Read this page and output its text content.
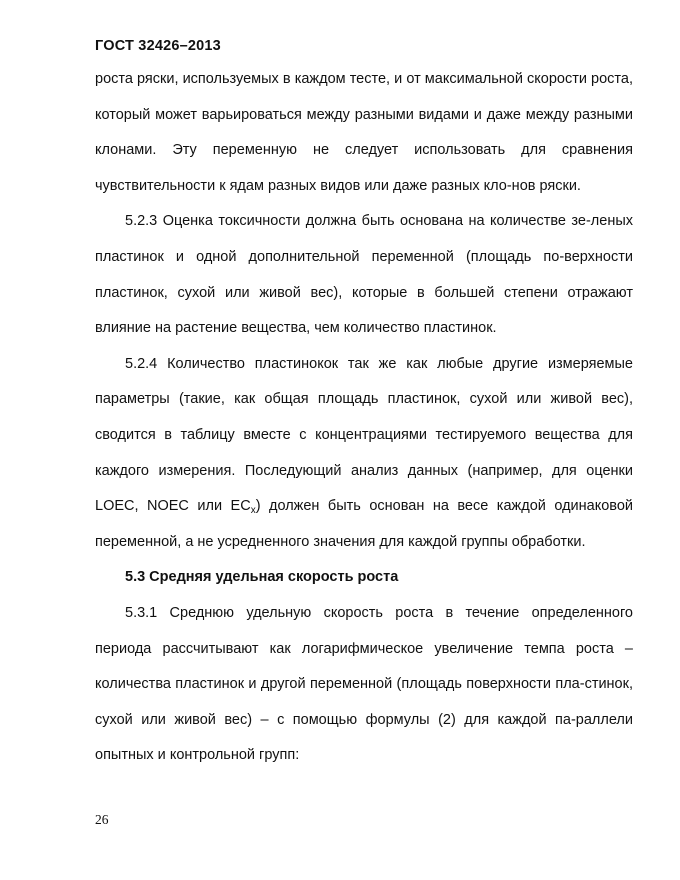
ГОСТ 32426–2013

роста ряски, используемых в каждом тесте, и от максимальной скорости роста, который может варьироваться между разными видами и даже между разными клонами. Эту переменную не следует использовать для сравнения чувствительности к ядам разных видов или даже разных кло-нов ряски.

5.2.3 Оценка токсичности должна быть основана на количестве зе-леных пластинок и одной дополнительной переменной (площадь по-верхности пластинок, сухой или живой вес), которые в большей степени отражают влияние на растение вещества, чем количество пластинок.

5.2.4 Количество пластинокок так же как любые другие измеряемые параметры (такие, как общая площадь пластинок, сухой или живой вес), сводится в таблицу вместе с концентрациями тестируемого вещества для каждого измерения. Последующий анализ данных (например, для оценки LOEC, NOEC или $EC_x$) должен быть основан на весе каждой одинаковой переменной, а не усредненного значения для каждой группы обработки.

5.3 Средняя удельная скорость роста

5.3.1 Среднюю удельную скорость роста в течение определенного периода рассчитывают как логарифмическое увеличение темпа роста – количества пластинок и другой переменной (площадь поверхности пла-стинок, сухой или живой вес) – с помощью формулы (2) для каждой па-раллели опытных и контрольной групп:

26
